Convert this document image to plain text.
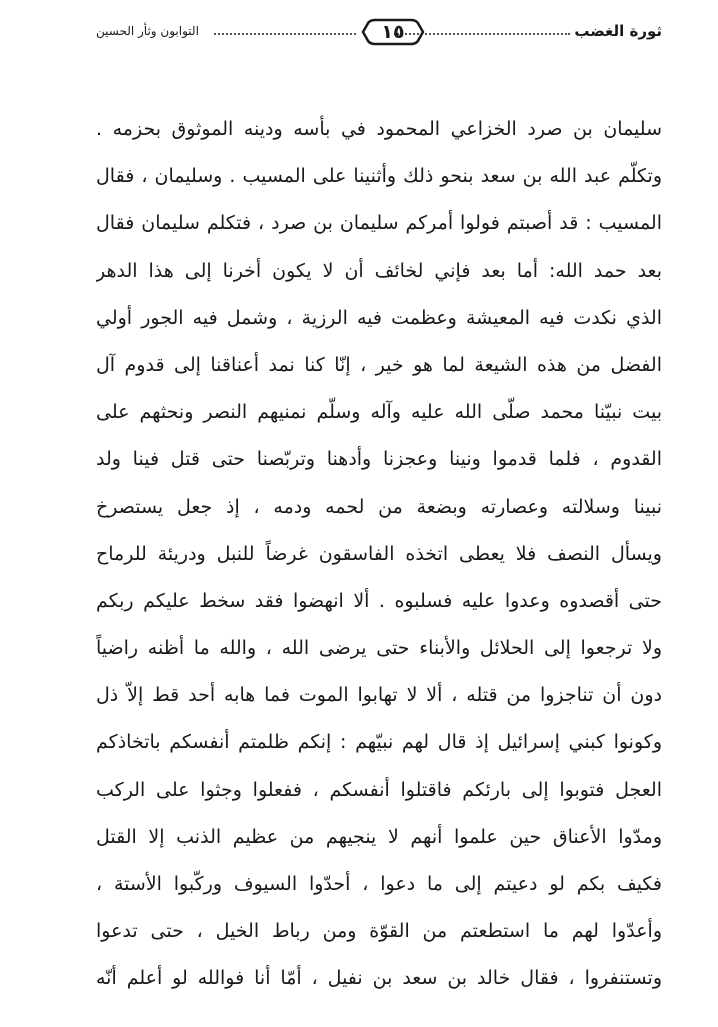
ثورة الغضب
١٥
التوابون وثأر الحسين
سليمان بن صرد الخزاعي المحمود في بأسه ودينه الموثوق بحزمه .
وتكلّم عبد الله بن سعد بنحو ذلك وأثنينا على المسيب . وسليمان ، فقال
المسيب : قد أصبتم فولوا أمركم سليمان بن صرد ، فتكلم سليمان فقال
بعد حمد الله: أما بعد فإني لخائف أن لا يكون أخرنا إلى هذا الدهر
الذي نكدت فيه المعيشة وعظمت فيه الرزية ، وشمل فيه الجور أولي
الفضل من هذه الشيعة لما هو خير ، إنّا كنا نمد أعناقنا إلى قدوم آل
بيت نبيّنا محمد صلّى الله عليه وآله وسلّم نمنيهم النصر ونحثهم على
القدوم ، فلما قدموا ونينا وعجزنا وأدهنا وتربّصنا حتى قتل فينا ولد
نبينا وسلالته وعصارته وبضعة من لحمه ودمه ، إذ جعل يستصرخ
ويسأل النصف فلا يعطى اتخذه الفاسقون غرضاً للنبل ودريئة للرماح
حتى أقصدوه وعدوا عليه فسلبوه . ألا انهضوا فقد سخط عليكم ربكم
ولا ترجعوا إلى الحلائل والأبناء حتى يرضى الله ، والله ما أظنه راضياً
دون أن تناجزوا من قتله ، ألا لا تهابوا الموت فما هابه أحد قط إلاّ ذل
وكونوا كبني إسرائيل إذ قال لهم نبيّهم : إنكم ظلمتم أنفسكم باتخاذكم
العجل فتوبوا إلى بارئكم فاقتلوا أنفسكم ، ففعلوا وجثوا على الركب
ومدّوا الأعناق حين علموا أنهم لا ينجيهم من عظيم الذنب إلا القتل
فكيف بكم لو دعيتم إلى ما دعوا ، أحدّوا السيوف وركّبوا الأستة ،
وأعدّوا لهم ما استطعتم من القوّة ومن رباط الخيل ، حتى تدعوا
وتستنفروا ، فقال خالد بن سعد بن نفيل ، أمّا أنا فوالله لو أعلم أنّه
